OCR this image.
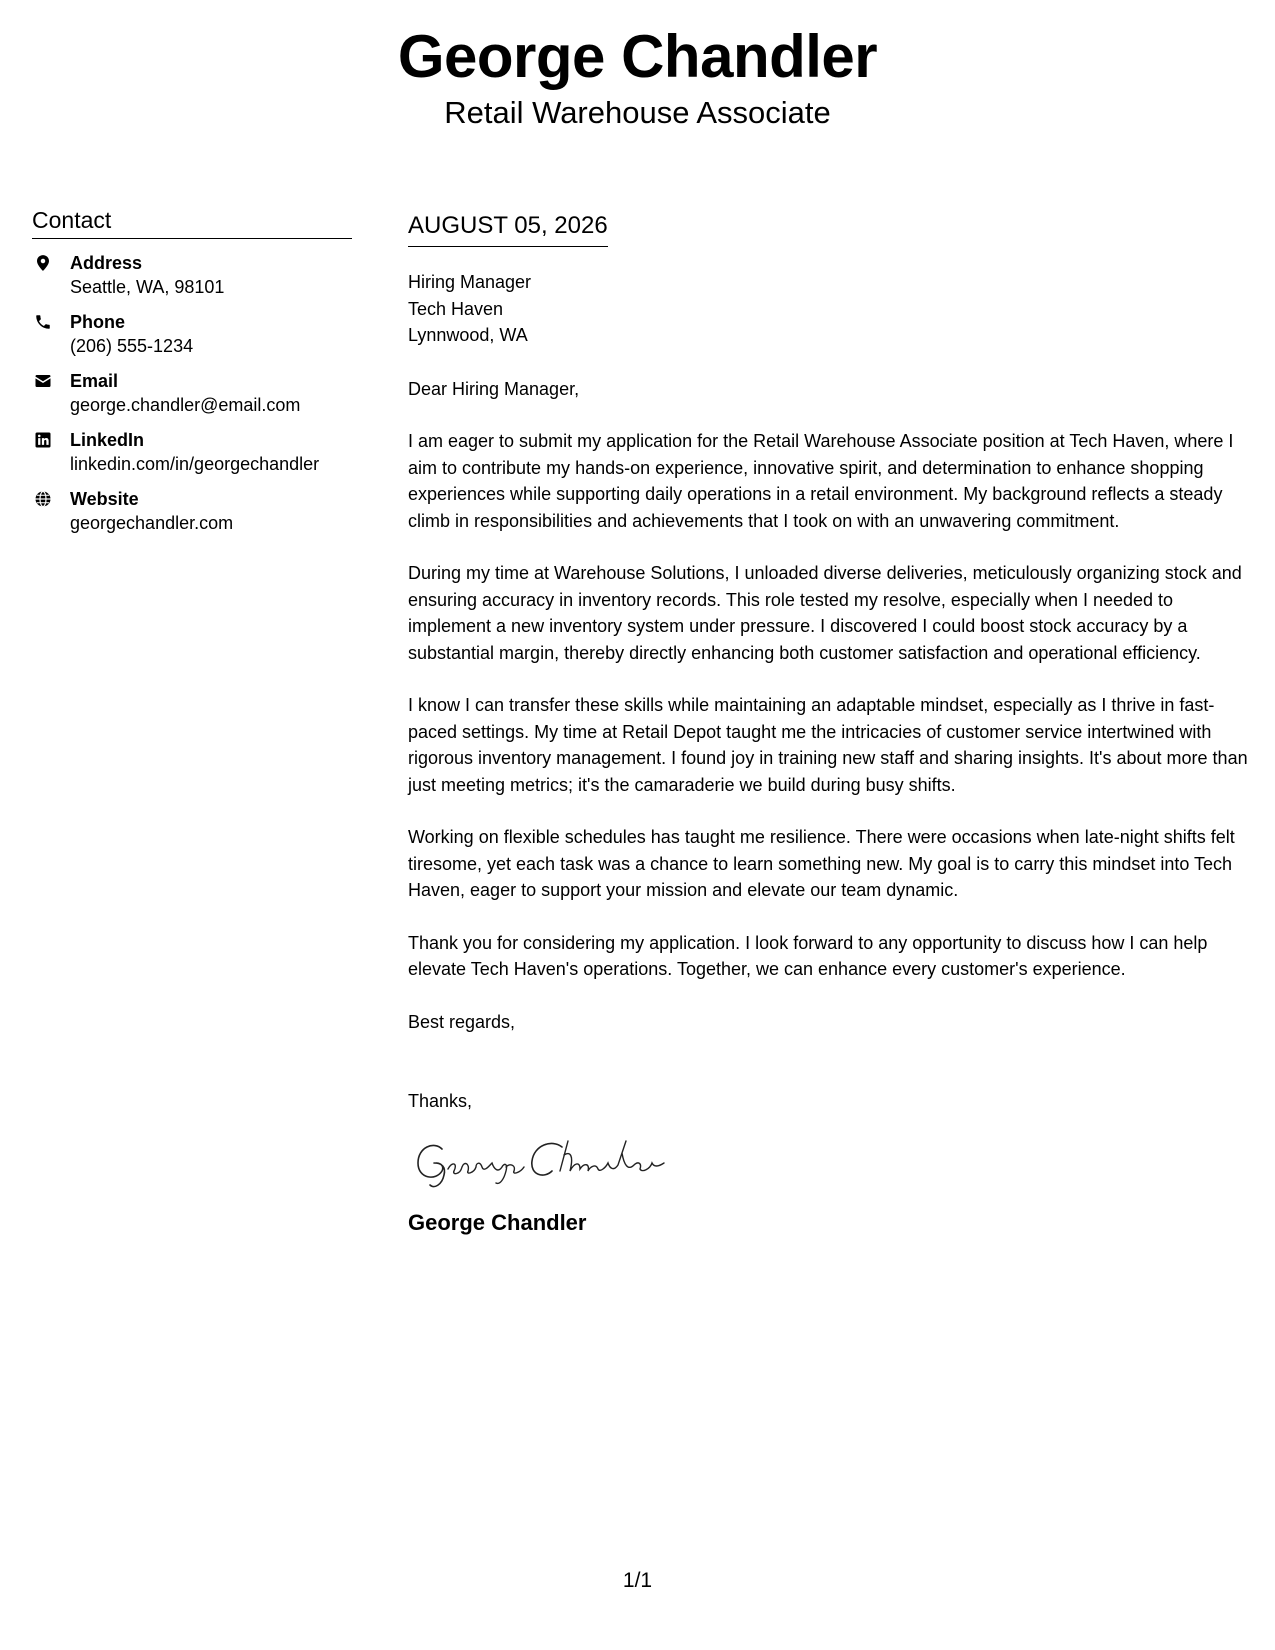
George Chandler
Retail Warehouse Associate
Contact
Address
Seattle, WA, 98101
Phone
(206) 555-1234
Email
george.chandler@email.com
LinkedIn
linkedin.com/in/georgechandler
Website
georgechandler.com
AUGUST 05, 2026
Hiring Manager
Tech Haven
Lynnwood, WA

Dear Hiring Manager,

I am eager to submit my application for the Retail Warehouse Associate position at Tech Haven, where I aim to contribute my hands-on experience, innovative spirit, and determination to enhance shopping experiences while supporting daily operations in a retail environment. My background reflects a steady climb in responsibilities and achievements that I took on with an unwavering commitment.

During my time at Warehouse Solutions, I unloaded diverse deliveries, meticulously organizing stock and ensuring accuracy in inventory records. This role tested my resolve, especially when I needed to implement a new inventory system under pressure. I discovered I could boost stock accuracy by a substantial margin, thereby directly enhancing both customer satisfaction and operational efficiency.

I know I can transfer these skills while maintaining an adaptable mindset, especially as I thrive in fast-paced settings. My time at Retail Depot taught me the intricacies of customer service intertwined with rigorous inventory management. I found joy in training new staff and sharing insights. It's about more than just meeting metrics; it's the camaraderie we build during busy shifts.

Working on flexible schedules has taught me resilience. There were occasions when late-night shifts felt tiresome, yet each task was a chance to learn something new. My goal is to carry this mindset into Tech Haven, eager to support your mission and elevate our team dynamic.

Thank you for considering my application. I look forward to any opportunity to discuss how I can help elevate Tech Haven's operations. Together, we can enhance every customer's experience.

Best regards,

Thanks,

George Chandler
1/1
